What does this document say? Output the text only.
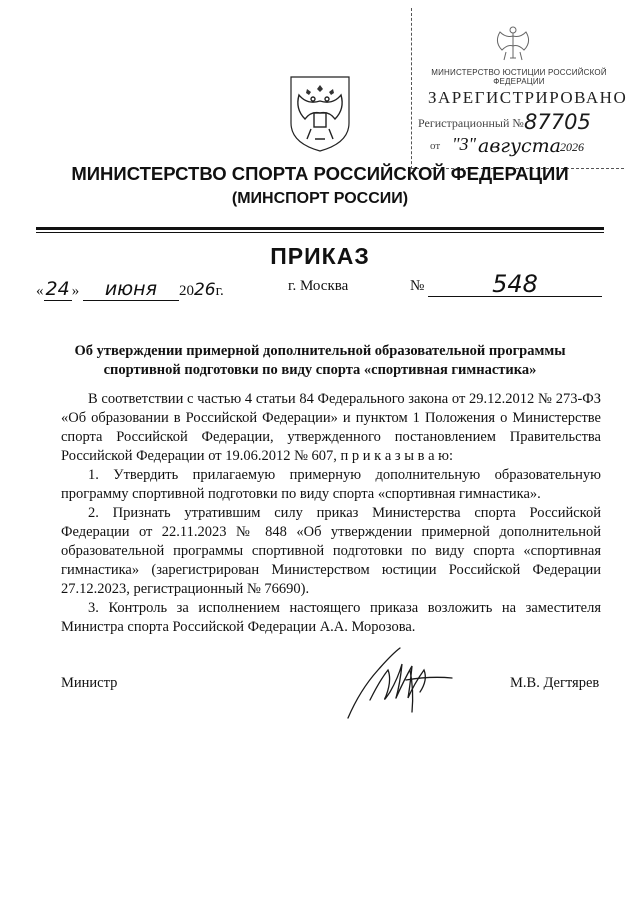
МИНИСТЕРСТВО ЮСТИЦИИ РОССИЙСКОЙ ФЕДЕРАЦИИ
ЗАРЕГИСТРИРОВАНО
Регистрационный № 87705
от "3" августа 2026
МИНИСТЕРСТВО СПОРТА РОССИЙСКОЙ ФЕДЕРАЦИИ
(МИНСПОРТ РОССИИ)
ПРИКАЗ
« 24 » июня 2026г.	г. Москва	№	548
Об утверждении примерной дополнительной образовательной программы спортивной подготовки по виду спорта «спортивная гимнастика»

В соответствии с частью 4 статьи 84 Федерального закона от 29.12.2012 № 273-ФЗ «Об образовании в Российской Федерации» и пунктом 1 Положения о Министерстве спорта Российской Федерации, утвержденного постановлением Правительства Российской Федерации от 19.06.2012 № 607, п р и к а з ы в а ю:

1. Утвердить прилагаемую примерную дополнительную образовательную программу спортивной подготовки по виду спорта «спортивная гимнастика».

2. Признать утратившим силу приказ Министерства спорта Российской Федерации от 22.11.2023 № 848 «Об утверждении примерной дополнительной образовательной программы спортивной подготовки по виду спорта «спортивная гимнастика» (зарегистрирован Министерством юстиции Российской Федерации 27.12.2023, регистрационный № 76690).

3. Контроль за исполнением настоящего приказа возложить на заместителя Министра спорта Российской Федерации А.А. Морозова.

Министр	М.В. Дегтярев
